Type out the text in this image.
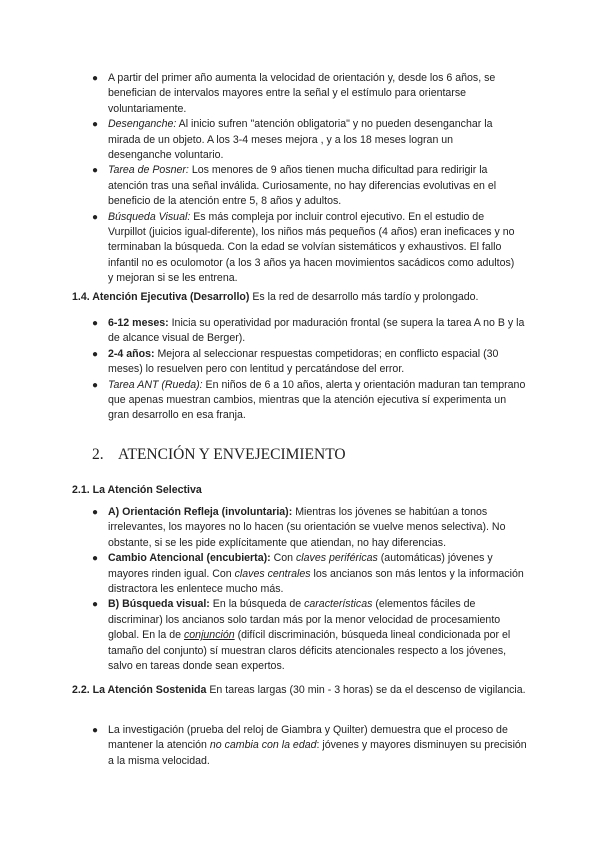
● A partir del primer año aumenta la velocidad de orientación y, desde los 6 años, se benefician de intervalos mayores entre la señal y el estímulo para orientarse voluntariamente.
● Desenganche: Al inicio sufren "atención obligatoria" y no pueden desenganchar la mirada de un objeto. A los 3-4 meses mejora , y a los 18 meses logran un desenganche voluntario.
● Tarea de Posner: Los menores de 9 años tienen mucha dificultad para redirigir la atención tras una señal inválida. Curiosamente, no hay diferencias evolutivas en el beneficio de la atención entre 5, 8 años y adultos.
● Búsqueda Visual: Es más compleja por incluir control ejecutivo. En el estudio de Vurpillot (juicios igual-diferente), los niños más pequeños (4 años) eran ineficaces y no terminaban la búsqueda. Con la edad se volvían sistemáticos y exhaustivos. El fallo infantil no es oculomotor (a los 3 años ya hacen movimientos sacádicos como adultos) y mejoran si se les entrena.

1.4. Atención Ejecutiva (Desarrollo) Es la red de desarrollo más tardío y prolongado.

● 6-12 meses: Inicia su operatividad por maduración frontal (se supera la tarea A no B y la de alcance visual de Berger).
● 2-4 años: Mejora al seleccionar respuestas competidoras; en conflicto espacial (30 meses) lo resuelven pero con lentitud y percatándose del error.
● Tarea ANT (Rueda): En niños de 6 a 10 años, alerta y orientación maduran tan temprano que apenas muestran cambios, mientras que la atención ejecutiva sí experimenta un gran desarrollo en esa franja.
2. ATENCIÓN Y ENVEJECIMIENTO

2.1. La Atención Selectiva

● A) Orientación Refleja (involuntaria): Mientras los jóvenes se habitúan a tonos irrelevantes, los mayores no lo hacen (su orientación se vuelve menos selectiva). No obstante, si se les pide explícitamente que atiendan, no hay diferencias.
● Cambio Atencional (encubierta): Con claves periféricas (automáticas) jóvenes y mayores rinden igual. Con claves centrales los ancianos son más lentos y la información distractora les enlentece mucho más.
● B) Búsqueda visual: En la búsqueda de características (elementos fáciles de discriminar) los ancianos solo tardan más por la menor velocidad de procesamiento global. En la de conjunción (difícil discriminación, búsqueda lineal condicionada por el tamaño del conjunto) sí muestran claros déficits atencionales respecto a los jóvenes, salvo en tareas donde sean expertos.

2.2. La Atención Sostenida En tareas largas (30 min - 3 horas) se da el descenso de vigilancia.

● La investigación (prueba del reloj de Giambra y Quilter) demuestra que el proceso de mantener la atención no cambia con la edad: jóvenes y mayores disminuyen su precisión a la misma velocidad.
